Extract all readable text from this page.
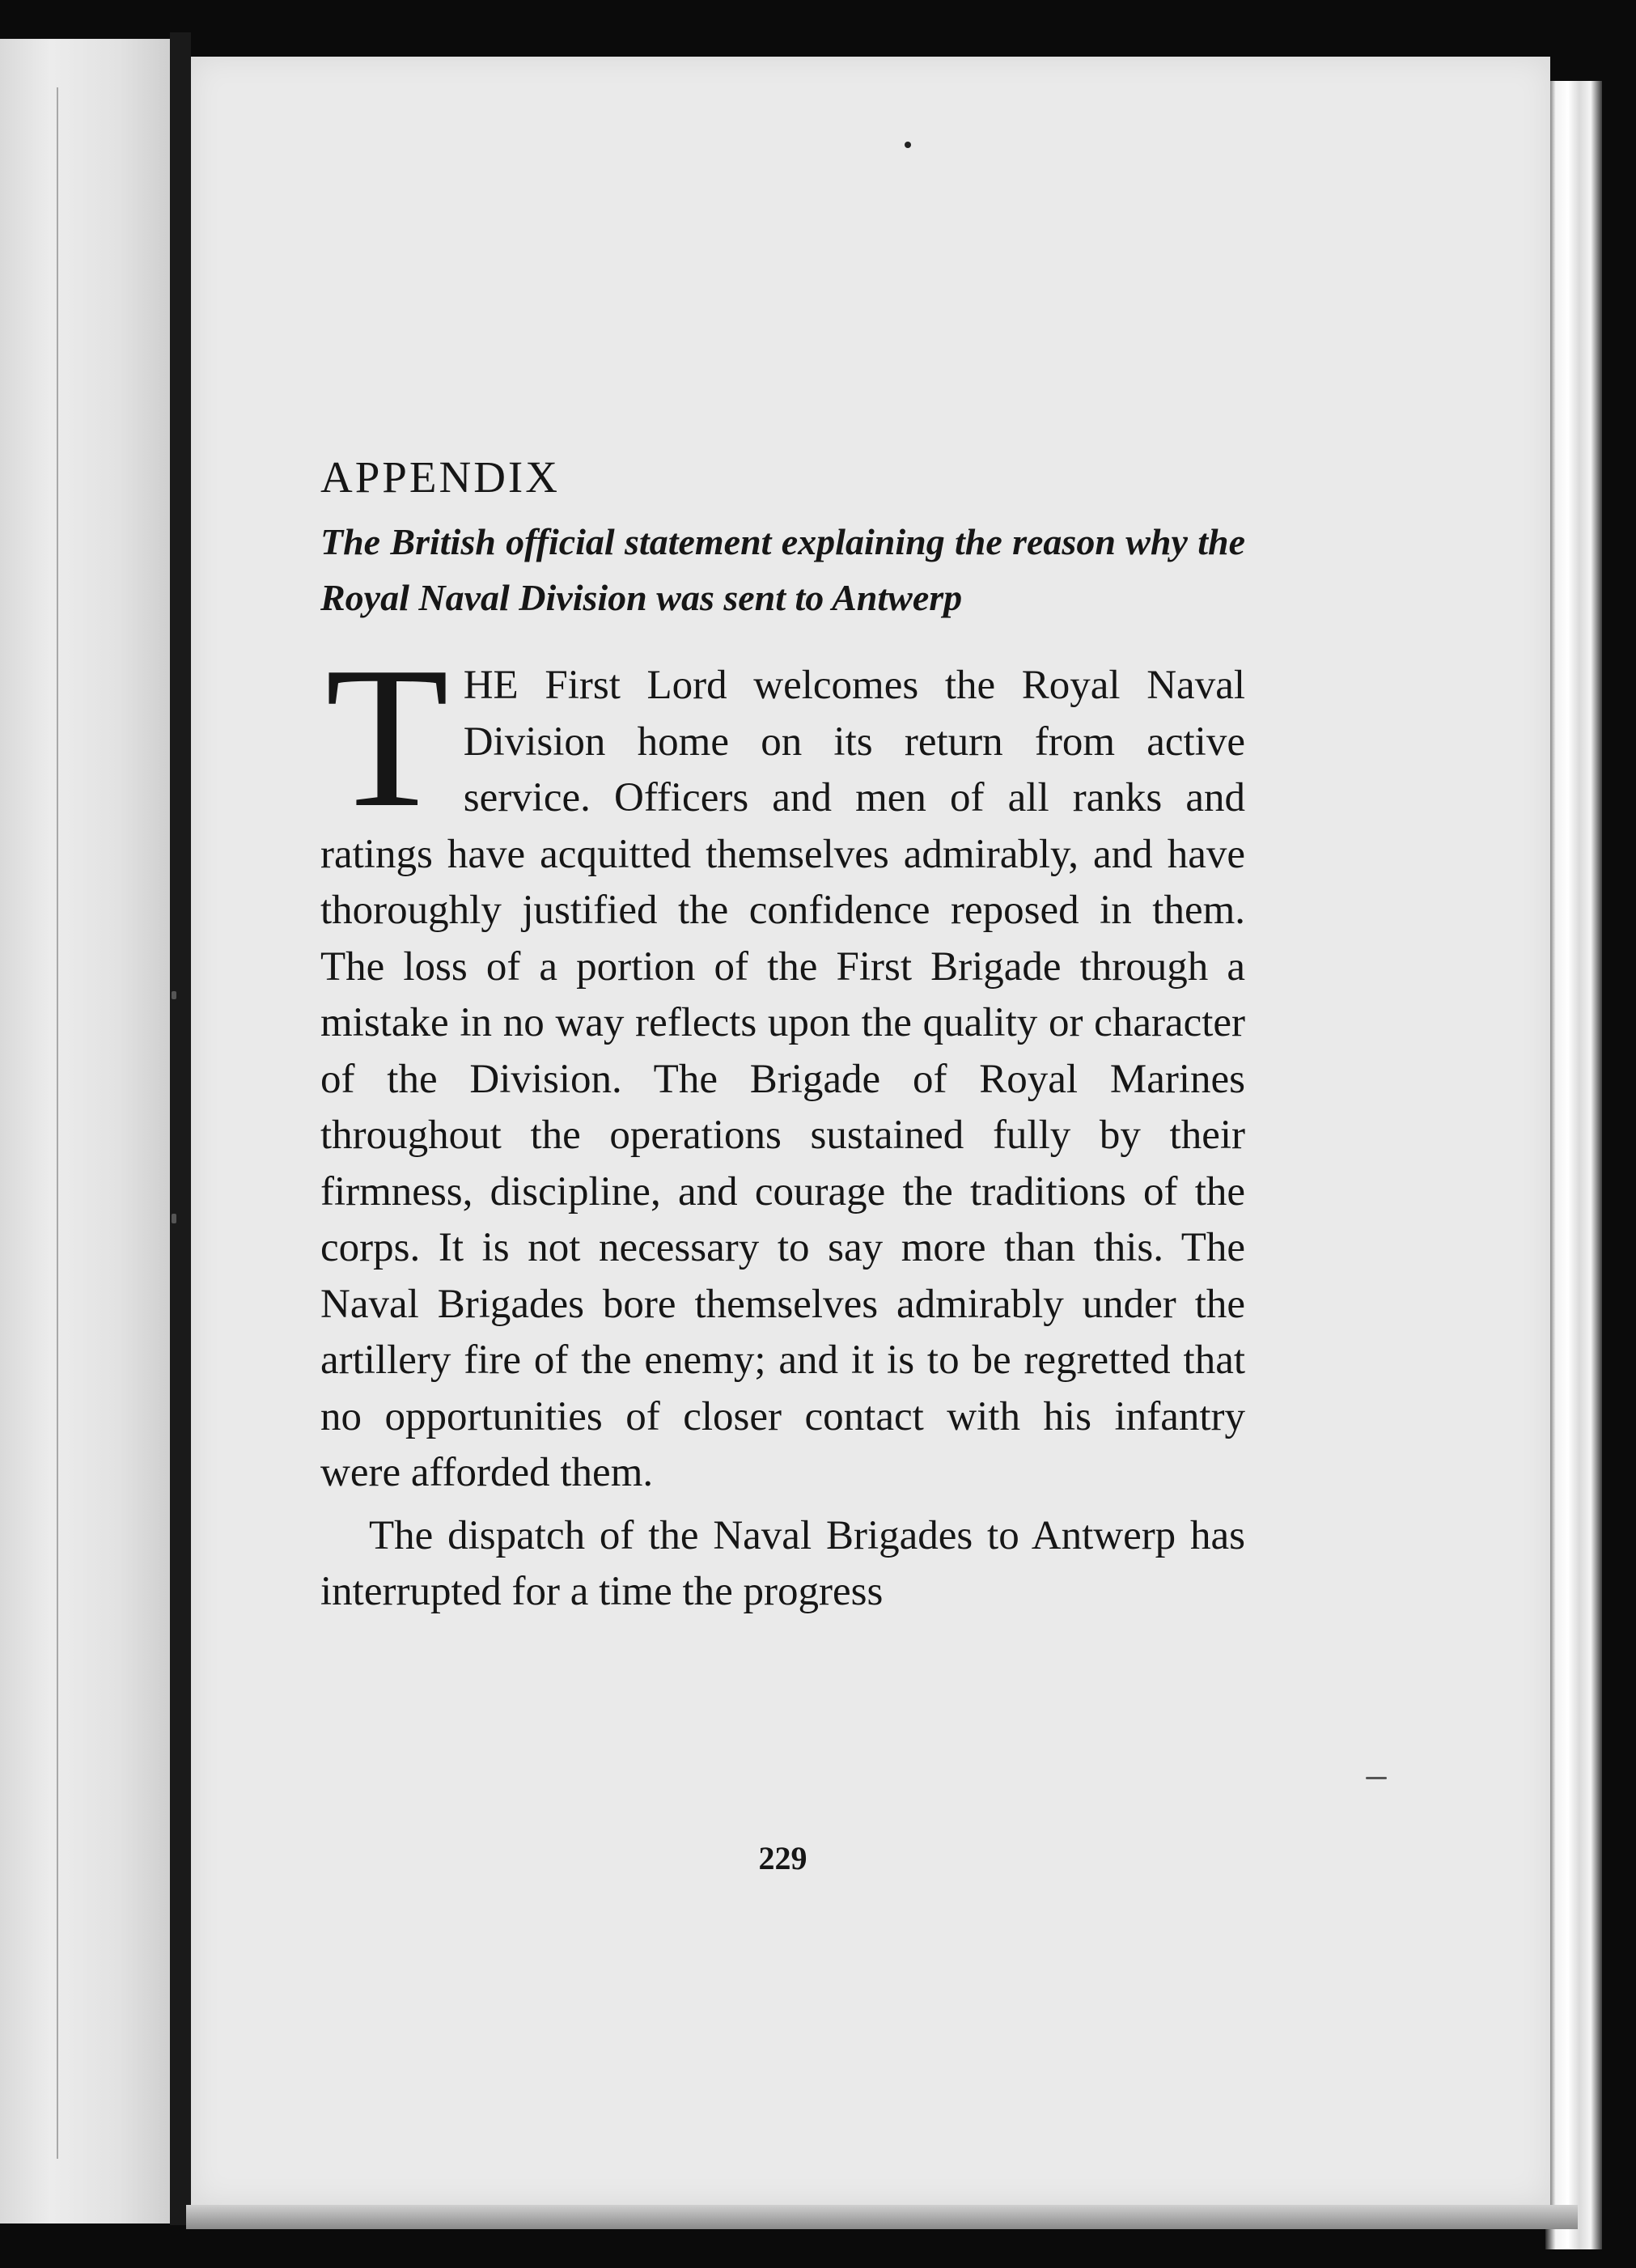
APPENDIX

The British official statement explaining the reason why the Royal Naval Division was sent to Antwerp

THE First Lord welcomes the Royal Naval Division home on its return from active service. Officers and men of all ranks and ratings have acquitted themselves admirably, and have thoroughly justified the confidence reposed in them. The loss of a portion of the First Brigade through a mistake in no way reflects upon the quality or character of the Division. The Brigade of Royal Marines throughout the operations sustained fully by their firmness, discipline, and courage the traditions of the corps. It is not necessary to say more than this. The Naval Brigades bore themselves admirably under the artillery fire of the enemy; and it is to be regretted that no opportunities of closer contact with his infantry were afforded them.

The dispatch of the Naval Brigades to Antwerp has interrupted for a time the progress

229
